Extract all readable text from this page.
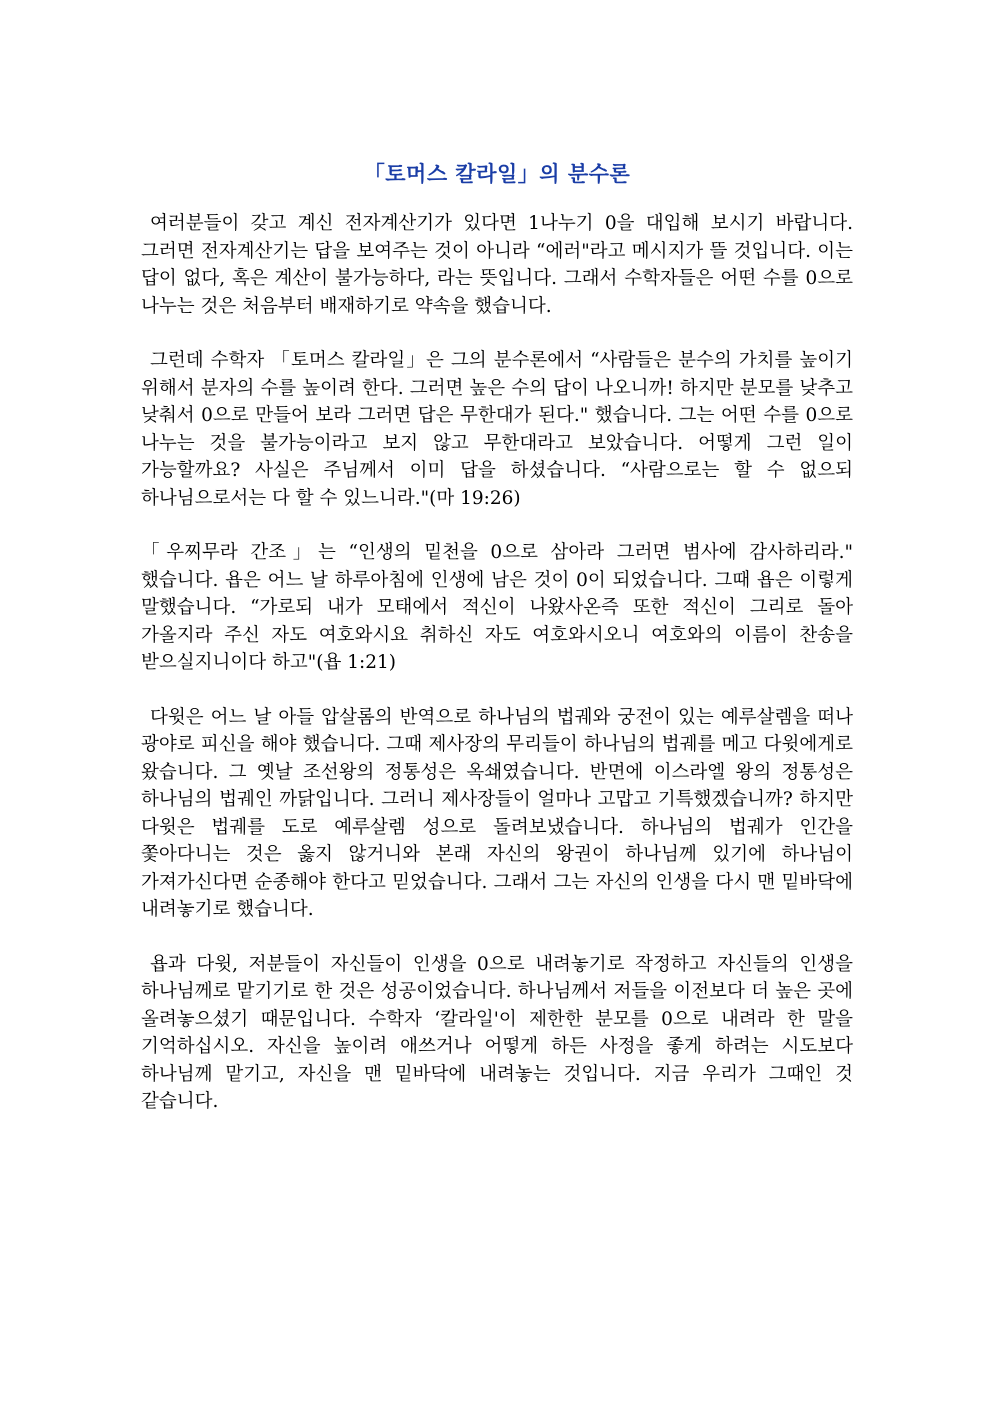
「토머스 칼라일」의 분수론

여러분들이 갖고 계신 전자계산기가 있다면 1나누기 0을 대입해 보시기 바랍니다. 그러면 전자계산기는 답을 보여주는 것이 아니라 “에러"라고 메시지가 뜰 것입니다. 이는 답이 없다, 혹은 계산이 불가능하다, 라는 뜻입니다. 그래서 수학자들은 어떤 수를 0으로 나누는 것은 처음부터 배재하기로 약속을 했습니다.

그런데 수학자 「토머스 칼라일」은 그의 분수론에서 “사람들은 분수의 가치를 높이기 위해서 분자의 수를 높이려 한다. 그러면 높은 수의 답이 나오니까! 하지만 분모를 낮추고 낮춰서 0으로 만들어 보라 그러면 답은 무한대가 된다." 했습니다. 그는 어떤 수를 0으로 나누는 것을 불가능이라고 보지 않고 무한대라고 보았습니다. 어떻게 그런 일이 가능할까요? 사실은 주님께서 이미 답을 하셨습니다. “사람으로는 할 수 없으되 하나님으로서는 다 할 수 있느니라."(마 19:26)

「우찌무라 간조」는 “인생의 밑천을 0으로 삼아라 그러면 범사에 감사하리라." 했습니다. 욥은 어느 날 하루아침에 인생에 남은 것이 0이 되었습니다. 그때 욥은 이렇게 말했습니다. “가로되 내가 모태에서 적신이 나왔사온즉 또한 적신이 그리로 돌아 가올지라 주신 자도 여호와시요 취하신 자도 여호와시오니 여호와의 이름이 찬송을 받으실지니이다 하고"(욥 1:21)

다윗은 어느 날 아들 압살롬의 반역으로 하나님의 법궤와 궁전이 있는 예루살렘을 떠나 광야로 피신을 해야 했습니다. 그때 제사장의 무리들이 하나님의 법궤를 메고 다윗에게로 왔습니다. 그 옛날 조선왕의 정통성은 옥쇄였습니다. 반면에 이스라엘 왕의 정통성은 하나님의 법궤인 까닭입니다. 그러니 제사장들이 얼마나 고맙고 기특했겠습니까? 하지만 다윗은 법궤를 도로 예루살렘 성으로 돌려보냈습니다. 하나님의 법궤가 인간을 쫓아다니는 것은 옳지 않거니와 본래 자신의 왕권이 하나님께 있기에 하나님이 가져가신다면 순종해야 한다고 믿었습니다. 그래서 그는 자신의 인생을 다시 맨 밑바닥에 내려놓기로 했습니다.

욥과 다윗, 저분들이 자신들이 인생을 0으로 내려놓기로 작정하고 자신들의 인생을 하나님께로 맡기기로 한 것은 성공이었습니다. 하나님께서 저들을 이전보다 더 높은 곳에 올려놓으셨기 때문입니다. 수학자 ‘칼라일'이 제한한 분모를 0으로 내려라 한 말을 기억하십시오. 자신을 높이려 애쓰거나 어떻게 하든 사정을 좋게 하려는 시도보다 하나님께 맡기고, 자신을 맨 밑바닥에 내려놓는 것입니다. 지금 우리가 그때인 것 같습니다.
